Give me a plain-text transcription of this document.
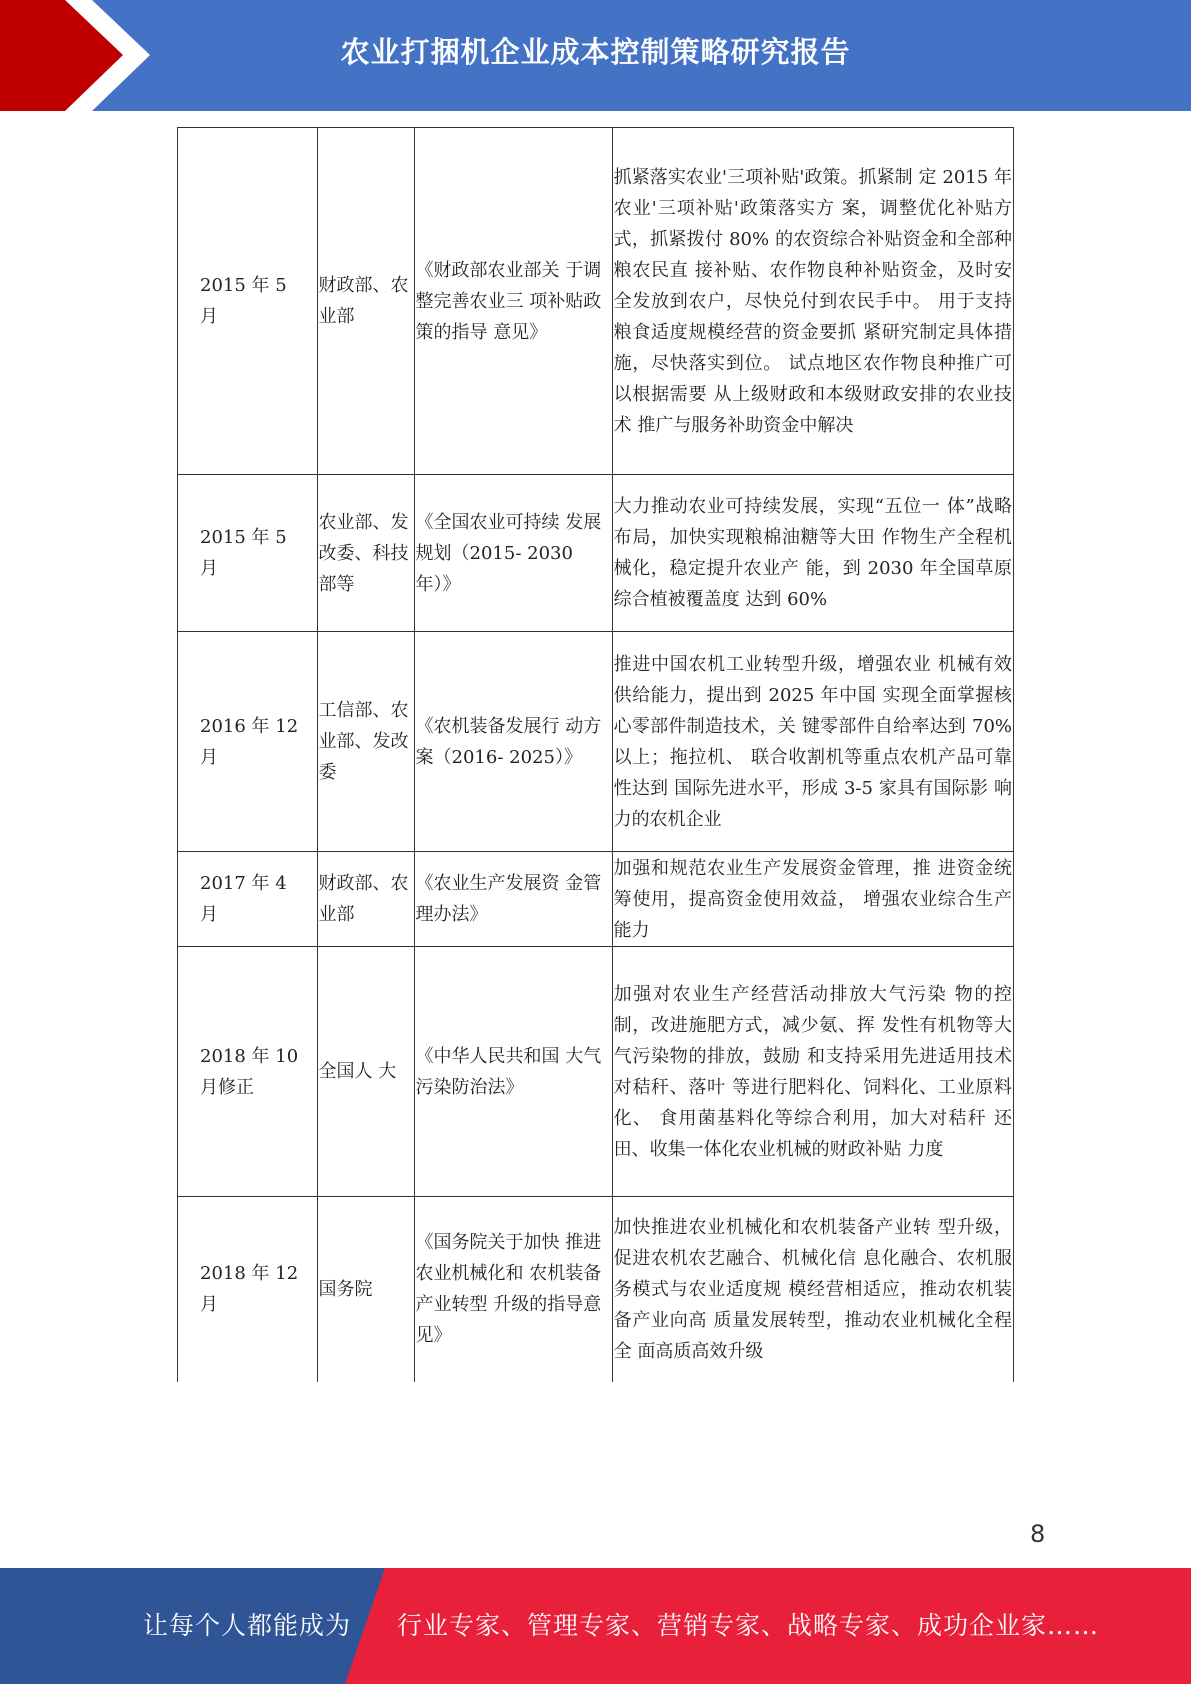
农业打捆机企业成本控制策略研究报告
2015 年 5 月	财政部、农业部	《财政部农业部关 于调整完善农业三 项补贴政策的指导 意见》	抓紧落实农业'三项补贴'政策。抓紧制 定 2015 年农业'三项补贴'政策落实方 案，调整优化补贴方式，抓紧拨付 80% 的农资综合补贴资金和全部种粮农民直 接补贴、农作物良种补贴资金，及时安 全发放到农户，尽快兑付到农民手中。 用于支持粮食适度规模经营的资金要抓 紧研究制定具体措施，尽快落实到位。 试点地区农作物良种推广可以根据需要 从上级财政和本级财政安排的农业技术 推广与服务补助资金中解决
2015 年 5 月	农业部、发改委、科技部等	《全国农业可持续 发展规划（2015- 2030 年）》	大力推动农业可持续发展，实现“五位一 体”战略布局，加快实现粮棉油糖等大田 作物生产全程机械化，稳定提升农业产 能，到 2030 年全国草原综合植被覆盖度 达到 60%
2016 年 12 月	工信部、农业部、发改委	《农机装备发展行 动方案（2016- 2025）》	推进中国农机工业转型升级，增强农业 机械有效供给能力，提出到 2025 年中国 实现全面掌握核心零部件制造技术，关 键零部件自给率达到 70%以上；拖拉机、 联合收割机等重点农机产品可靠性达到 国际先进水平，形成 3-5 家具有国际影 响力的农机企业
2017 年 4 月	财政部、农业部	《农业生产发展资 金管理办法》	加强和规范农业生产发展资金管理，推 进资金统筹使用，提高资金使用效益， 增强农业综合生产能力
2018 年 10 月修正	全国人 大	《中华人民共和国 大气污染防治法》	加强对农业生产经营活动排放大气污染 物的控制，改进施肥方式，减少氨、挥 发性有机物等大气污染物的排放，鼓励 和支持采用先进适用技术对秸秆、落叶 等进行肥料化、饲料化、工业原料化、 食用菌基料化等综合利用，加大对秸秆 还田、收集一体化农业机械的财政补贴 力度
2018 年 12 月	国务院	《国务院关于加快 推进农业机械化和 农机装备产业转型 升级的指导意见》	加快推进农业机械化和农机装备产业转 型升级，促进农机农艺融合、机械化信 息化融合、农机服务模式与农业适度规 模经营相适应，推动农机装备产业向高 质量发展转型，推动农业机械化全程全 面高质高效升级
8
让每个人都能成为 行业专家、管理专家、营销专家、战略专家、成功企业家……
